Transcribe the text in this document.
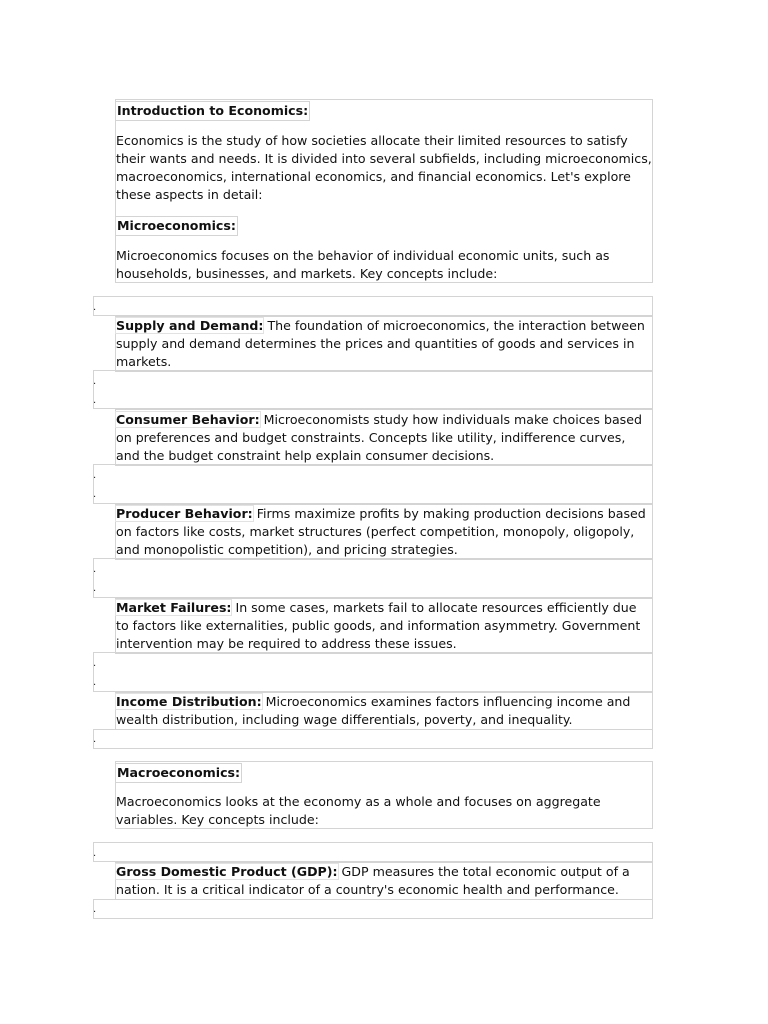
Introduction to Economics:

Economics is the study of how societies allocate their limited resources to satisfy their wants and needs. It is divided into several subfields, including microeconomics, macroeconomics, international economics, and financial economics. Let's explore these aspects in detail:

Microeconomics:

Microeconomics focuses on the behavior of individual economic units, such as households, businesses, and markets. Key concepts include:

.

Supply and Demand: The foundation of microeconomics, the interaction between supply and demand determines the prices and quantities of goods and services in markets.

.
.

Consumer Behavior: Microeconomists study how individuals make choices based on preferences and budget constraints. Concepts like utility, indifference curves, and the budget constraint help explain consumer decisions.

.
.

Producer Behavior: Firms maximize profits by making production decisions based on factors like costs, market structures (perfect competition, monopoly, oligopoly, and monopolistic competition), and pricing strategies.

.
.

Market Failures: In some cases, markets fail to allocate resources efficiently due to factors like externalities, public goods, and information asymmetry. Government intervention may be required to address these issues.

.
.

Income Distribution: Microeconomics examines factors influencing income and wealth distribution, including wage differentials, poverty, and inequality.

.
Macroeconomics:

Macroeconomics looks at the economy as a whole and focuses on aggregate variables. Key concepts include:

.

Gross Domestic Product (GDP): GDP measures the total economic output of a nation. It is a critical indicator of a country's economic health and performance.

.
